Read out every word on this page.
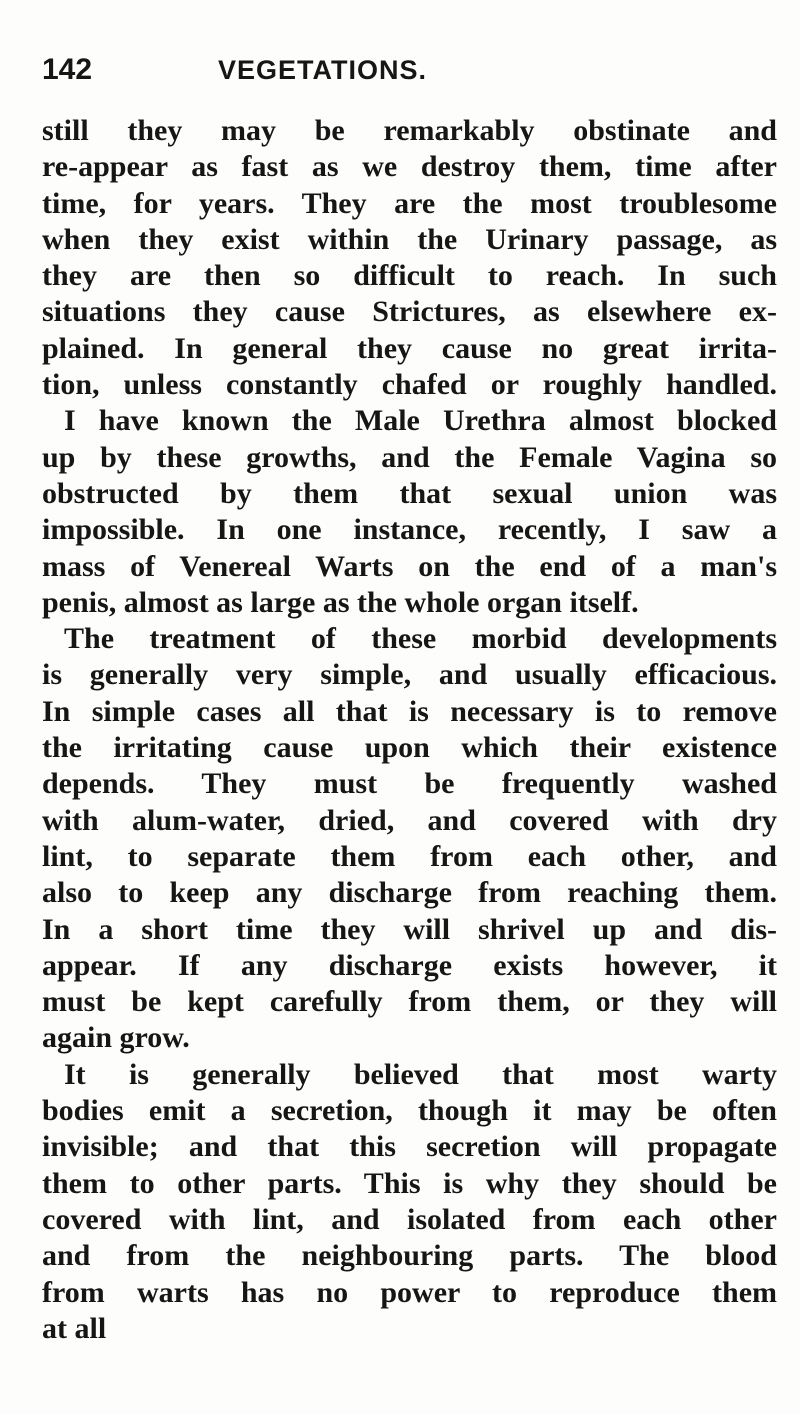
142	VEGETATIONS.
still they may be remarkably obstinate and
re-appear as fast as we destroy them, time after
time, for years. They are the most troublesome
when they exist within the Urinary passage, as
they are then so difficult to reach. In such
situations they cause Strictures, as elsewhere ex-
plained. In general they cause no great irrita-
tion, unless constantly chafed or roughly handled.
I have known the Male Urethra almost blocked
up by these growths, and the Female Vagina so
obstructed by them that sexual union was
impossible. In one instance, recently, I saw a
mass of Venereal Warts on the end of a man's
penis, almost as large as the whole organ itself.
The treatment of these morbid developments
is generally very simple, and usually efficacious.
In simple cases all that is necessary is to remove
the irritating cause upon which their existence
depends. They must be frequently washed
with alum-water, dried, and covered with dry
lint, to separate them from each other, and
also to keep any discharge from reaching them.
In a short time they will shrivel up and dis-
appear. If any discharge exists however, it
must be kept carefully from them, or they will
again grow.
It is generally believed that most warty
bodies emit a secretion, though it may be often
invisible; and that this secretion will propagate
them to other parts. This is why they should be
covered with lint, and isolated from each other
and from the neighbouring parts. The blood
from warts has no power to reproduce them
at all
